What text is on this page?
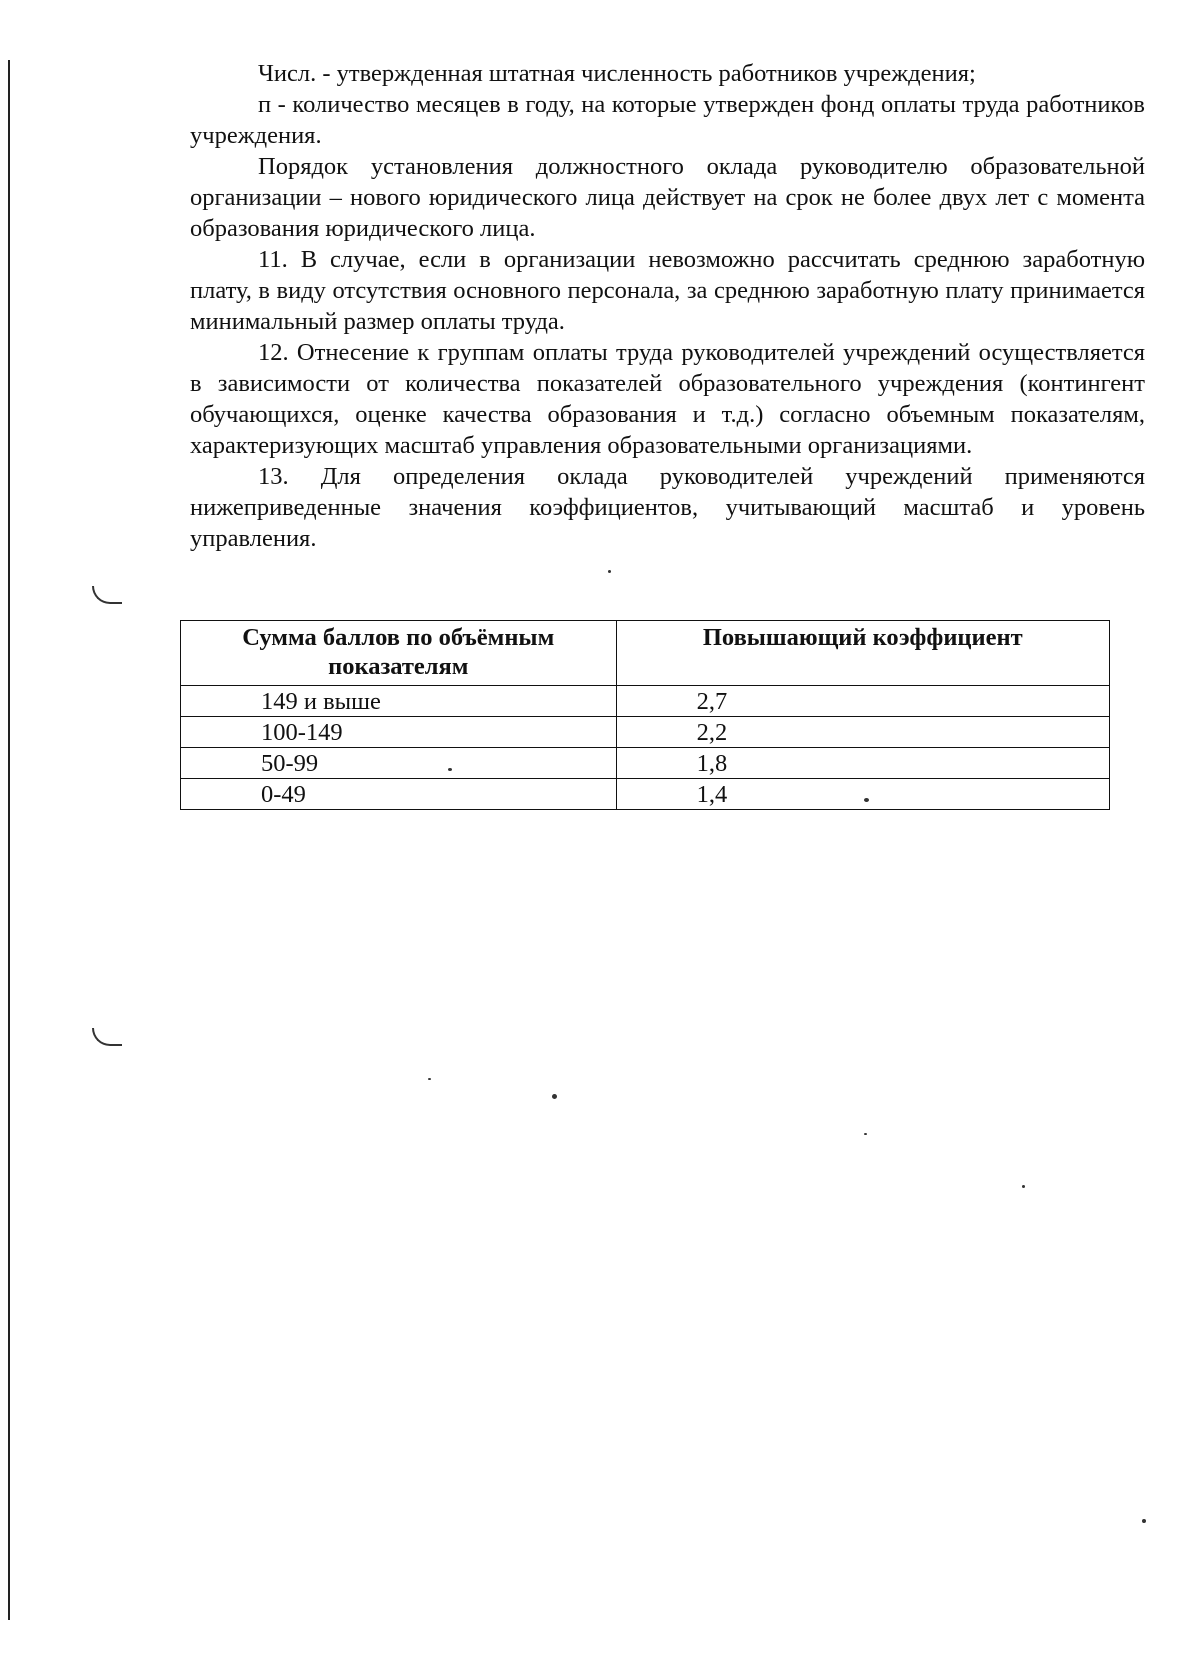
Числ. - утвержденная штатная численность работников учреждения;

п - количество месяцев в году, на которые утвержден фонд оплаты труда работников учреждения.

Порядок установления должностного оклада руководителю образовательной организации – нового юридического лица действует на срок не более двух лет с момента образования юридического лица.

11. В случае, если в организации невозможно рассчитать среднюю заработную плату, в виду отсутствия основного персонала, за среднюю заработную плату принимается минимальный размер оплаты труда.

12. Отнесение к группам оплаты труда руководителей учреждений осуществляется в зависимости от количества показателей образовательного учреждения (контингент обучающихся, оценке качества образования и т.д.) согласно объемным показателям, характеризующих масштаб управления образовательными организациями.

13. Для определения оклада руководителей учреждений применяются нижеприведенные значения коэффициентов, учитывающий масштаб и уровень управления.

Сумма баллов по объёмным показателям	Повышающий коэффициент
149 и выше	2,7
100-149	2,2
50-99	1,8
0-49	1,4
